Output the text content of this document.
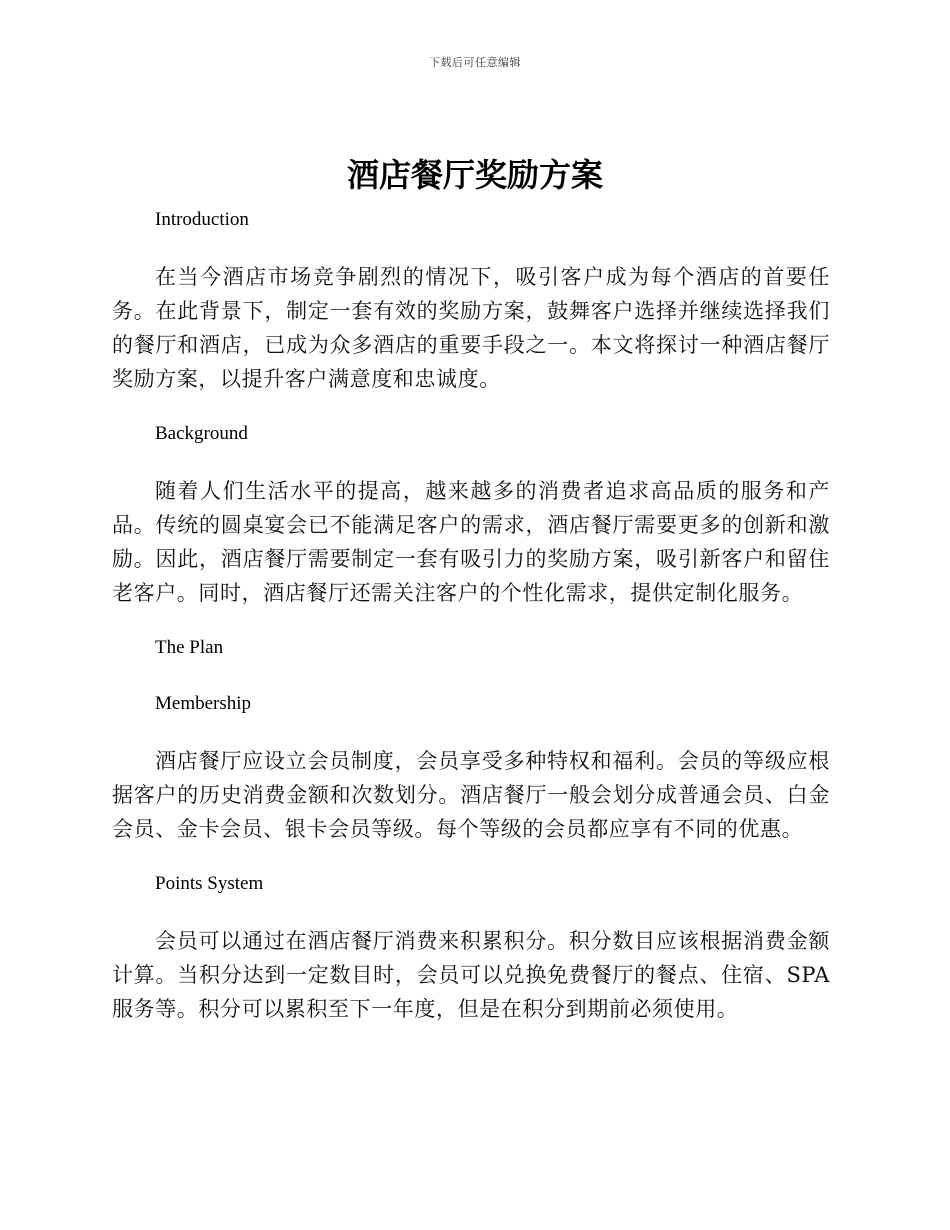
下载后可任意编辑
酒店餐厅奖励方案
Introduction

在当今酒店市场竞争剧烈的情况下，吸引客户成为每个酒店的首要任务。在此背景下，制定一套有效的奖励方案，鼓舞客户选择并继续选择我们的餐厅和酒店，已成为众多酒店的重要手段之一。本文将探讨一种酒店餐厅奖励方案，以提升客户满意度和忠诚度。

Background

随着人们生活水平的提高，越来越多的消费者追求高品质的服务和产品。传统的圆桌宴会已不能满足客户的需求，酒店餐厅需要更多的创新和激励。因此，酒店餐厅需要制定一套有吸引力的奖励方案，吸引新客户和留住老客户。同时，酒店餐厅还需关注客户的个性化需求，提供定制化服务。

The Plan
Membership

酒店餐厅应设立会员制度，会员享受多种特权和福利。会员的等级应根据客户的历史消费金额和次数划分。酒店餐厅一般会划分成普通会员、白金会员、金卡会员、银卡会员等级。每个等级的会员都应享有不同的优惠。

Points System

会员可以通过在酒店餐厅消费来积累积分。积分数目应该根据消费金额计算。当积分达到一定数目时，会员可以兑换免费餐厅的餐点、住宿、SPA服务等。积分可以累积至下一年度，但是在积分到期前必须使用。
